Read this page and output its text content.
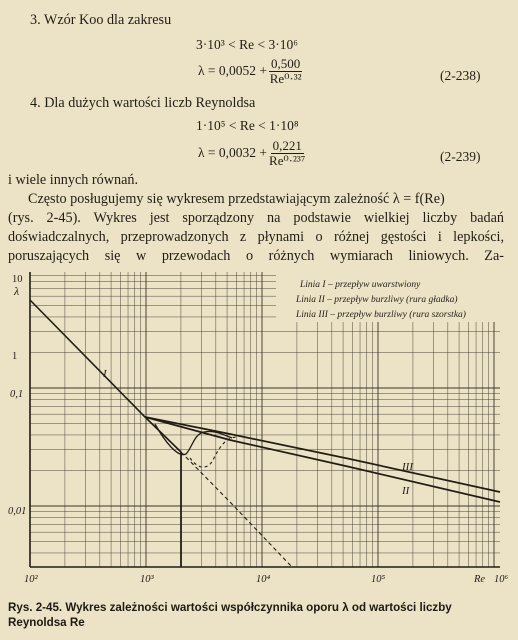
3. Wzór Koo dla zakresu
3·10³ < Re < 3·10⁶
$\lambda = 0,0052 + \frac{0,500}{\text{Re⁰·³²}}$	(2-238)
4. Dla dużych wartości liczb Reynoldsa
1·10⁵ < Re < 1·10⁸
$\lambda = 0,0032 + \frac{0,221}{\text{Re⁰·²³⁷}}$	(2-239)
i wiele innych równań.
Często posługujemy się wykresem przedstawiającym zależność λ = f(Re)
(rys. 2-45). Wykres jest sporządzony na podstawie wielkiej liczby badań
doświadczalnych, przeprowadzonych z płynami o różnej gęstości i lepkości,
poruszających się w przewodach o różnych wymiarach liniowych. Za-
Linia I – przepływ uwarstwiony
Linia II – przepływ burzliwy (rura gładka)
Linia III – przepływ burzliwy (rura szorstka)
10
λ
1
0,1
0,01
10²	10³	10⁴	10⁵	Re 10⁶
I
II
III
Rys. 2-45. Wykres zależności wartości współczynnika oporu λ od wartości liczby
Reynoldsa Re
